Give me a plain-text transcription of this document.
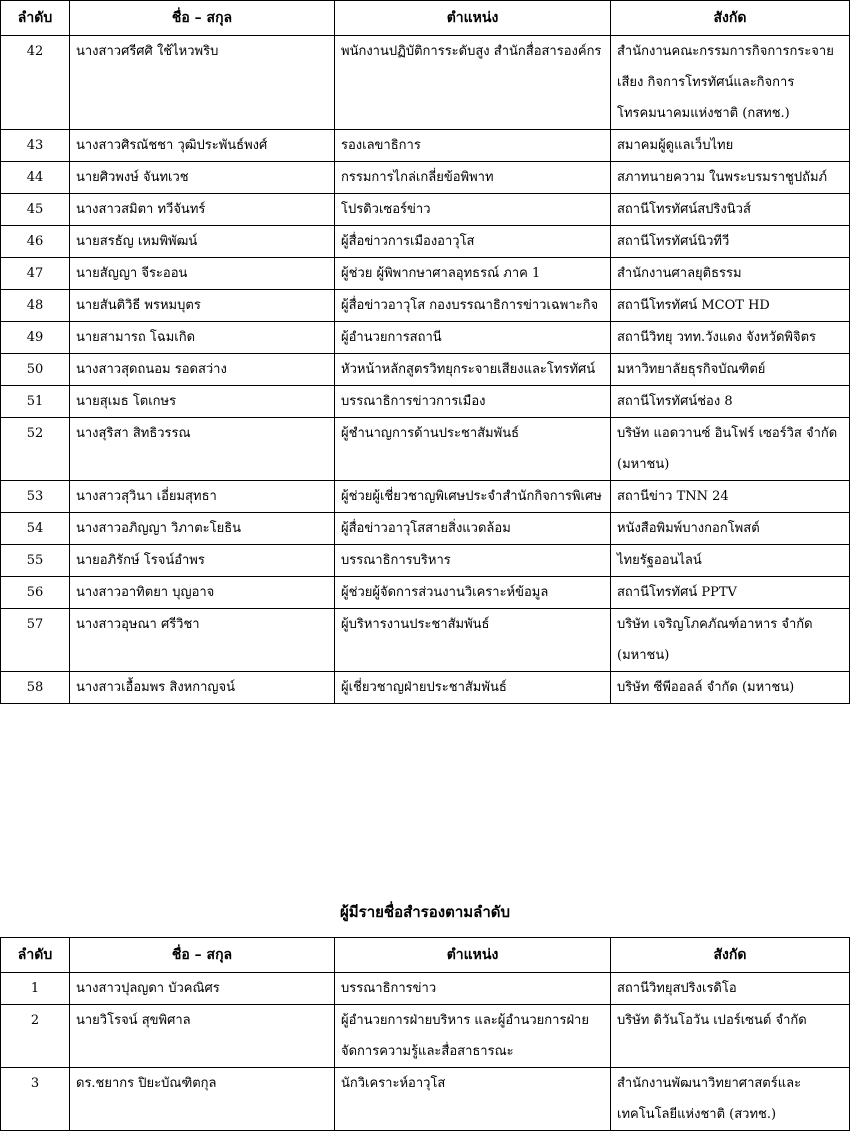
ลำดับ	ชื่อ – สกุล	ตำแหน่ง	สังกัด
42	นางสาวศรีศศิ ใช้ไหวพริบ	พนักงานปฏิบัติการระดับสูง สำนักสื่อสารองค์กร	สำนักงานคณะกรรมการกิจการกระจายเสียง กิจการโทรทัศน์และกิจการโทรคมนาคมแห่งชาติ (กสทช.)
43	นางสาวศิรณัชชา วุฒิประพันธ์พงศ์	รองเลขาธิการ	สมาคมผู้ดูแลเว็บไทย
44	นายศิวพงษ์ จันทเวช	กรรมการไกล่เกลี่ยข้อพิพาท	สภาทนายความ ในพระบรมราชูปถัมภ์
45	นางสาวสมิตา ทวีจันทร์	โปรดิวเซอร์ข่าว	สถานีโทรทัศน์สปริงนิวส์
46	นายสรธัญ เหมพิพัฒน์	ผู้สื่อข่าวการเมืองอาวุโส	สถานีโทรทัศน์นิวทีวี
47	นายสัญญา จีระออน	ผู้ช่วย ผู้พิพากษาศาลอุทธรณ์ ภาค 1	สำนักงานศาลยุติธรรม
48	นายสันติวิธี พรหมบุตร	ผู้สื่อข่าวอาวุโส กองบรรณาธิการข่าวเฉพาะกิจ	สถานีโทรทัศน์ MCOT HD
49	นายสามารถ โฉมเกิด	ผู้อำนวยการสถานี	สถานีวิทยุ วทท.วังแดง จังหวัดพิจิตร
50	นางสาวสุดถนอม รอดสว่าง	หัวหน้าหลักสูตรวิทยุกระจายเสียงและโทรทัศน์	มหาวิทยาลัยธุรกิจบัณฑิตย์
51	นายสุเมธ โตเกษร	บรรณาธิการข่าวการเมือง	สถานีโทรทัศน์ช่อง 8
52	นางสุริสา สิทธิวรรณ	ผู้ชำนาญการด้านประชาสัมพันธ์	บริษัท แอดวานซ์ อินโฟร์ เซอร์วิส จำกัด (มหาชน)
53	นางสาวสุวินา เอี่ยมสุทธา	ผู้ช่วยผู้เชี่ยวชาญพิเศษประจำสำนักกิจการพิเศษ	สถานีข่าว TNN 24
54	นางสาวอภิญญา วิภาตะโยธิน	ผู้สื่อข่าวอาวุโสสายสิ่งแวดล้อม	หนังสือพิมพ์บางกอกโพสต์
55	นายอภิรักษ์ โรจน์อำพร	บรรณาธิการบริหาร	ไทยรัฐออนไลน์
56	นางสาวอาทิตยา บุญอาจ	ผู้ช่วยผู้จัดการส่วนงานวิเคราะห์ข้อมูล	สถานีโทรทัศน์ PPTV
57	นางสาวอุษณา ศรีวิชา	ผู้บริหารงานประชาสัมพันธ์	บริษัท เจริญโภคภัณฑ์อาหาร จำกัด (มหาชน)
58	นางสาวเอื้อมพร สิงหกาญจน์	ผู้เชี่ยวชาญฝ่ายประชาสัมพันธ์	บริษัท ซีพีออลล์ จำกัด (มหาชน)
ผู้มีรายชื่อสำรองตามลำดับ
ลำดับ	ชื่อ – สกุล	ตำแหน่ง	สังกัด
1	นางสาวปุลญดา บัวคณิศร	บรรณาธิการข่าว	สถานีวิทยุสปริงเรดิโอ
2	นายวิโรจน์ สุขพิศาล	ผู้อำนวยการฝ่ายบริหาร และผู้อำนวยการฝ่ายจัดการความรู้และสื่อสาธารณะ	บริษัท ดิวันโอวัน เปอร์เซนต์ จำกัด
3	ดร.ชยากร ปิยะบัณฑิตกุล	นักวิเคราะห์อาวุโส	สำนักงานพัฒนาวิทยาศาสตร์และเทคโนโลยีแห่งชาติ (สวทช.)
